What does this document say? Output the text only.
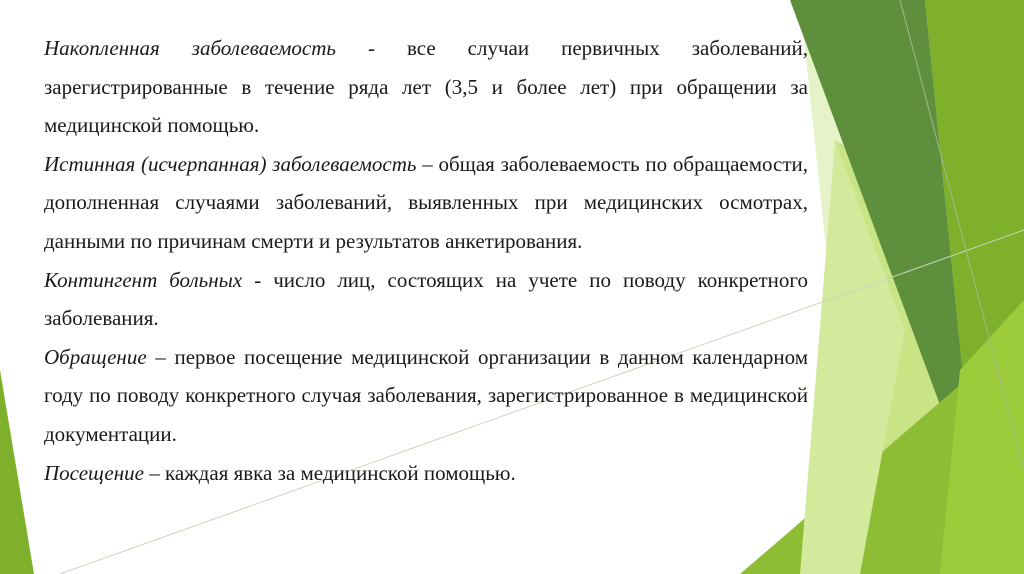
Накопленная заболеваемость - все случаи первичных заболеваний, зарегистрированные в течение ряда лет (3,5 и более лет) при обращении за медицинской помощью.

Истинная (исчерпанная) заболеваемость – общая заболеваемость по обращаемости, дополненная случаями заболеваний, выявленных при медицинских осмотрах, данными по причинам смерти и результатов анкетирования.

Контингент больных - число лиц, состоящих на учете по поводу конкретного заболевания.

Обращение – первое посещение медицинской организации в данном календарном году по поводу конкретного случая заболевания, зарегистрированное в медицинской документации.

Посещение – каждая явка за медицинской помощью.
